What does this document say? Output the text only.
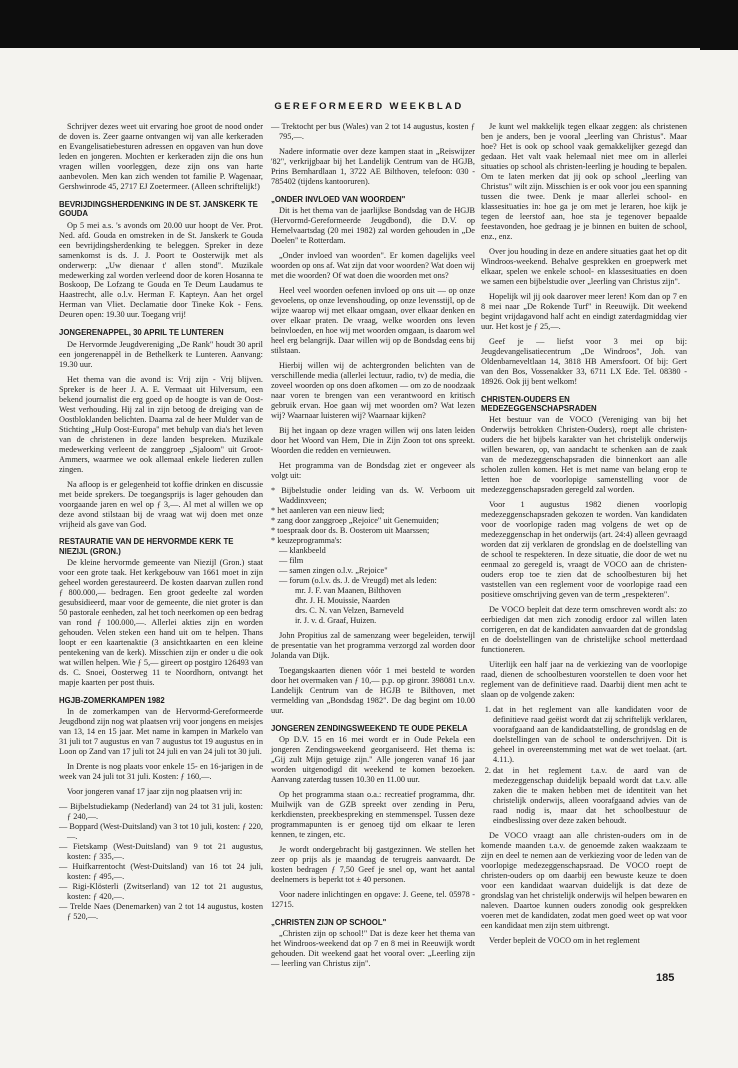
GEREFORMEERD WEEKBLAD

Schrijver dezes weet uit ervaring hoe groot de nood onder de doven is. Zeer gaarne ontvangen wij van alle kerkeraden en Evangelisatiebesturen adressen en opgaven van hun dove leden en jongeren. Mochten er kerkeraden zijn die ons hun vragen willen voorleggen, deze zijn ons van harte aanbevolen. Men kan zich wenden tot familie P. Wagenaar, Gershwinrode 45, 2717 EJ Zoetermeer. (Alleen schriftelijk!)

BEVRIJDINGSHERDENKING IN DE ST. JANSKERK TE GOUDA

Op 5 mei a.s. 's avonds om 20.00 uur hoopt de Ver. Prot. Ned. afd. Gouda en omstreken in de St. Janskerk te Gouda een bevrijdingsherdenking te beleggen. Spreker in deze samenkomst is ds. J. J. Poort te Oosterwijk met als onderwerp: „Uw dienaar t' allen stond". Muzikale medewerking zal worden verleend door de koren Hosanna te Boskoop, De Lofzang te Gouda en Te Deum Laudamus te Haastrecht, alle o.l.v. Herman F. Kapteyn. Aan het orgel Herman van Vliet. Declamatie door Tineke Kok - Fens. Deuren open: 19.30 uur. Toegang vrij!

JONGERENAPPEL, 30 APRIL TE LUNTEREN

De Hervormde Jeugdvereniging „De Rank" houdt 30 april een jongerenappèl in de Bethelkerk te Lunteren. Aanvang: 19.30 uur.

Het thema van die avond is: Vrij zijn - Vrij blijven. Spreker is de heer J. A. E. Vermaat uit Hilversum, een bekend journalist die erg goed op de hoogte is van de Oost-West verhouding. Hij zal in zijn betoog de dreiging van de Oostbloklanden belichten. Daarna zal de heer Mulder van de Stichting „Hulp Oost-Europa" met behulp van dia's het leven van de christenen in deze landen bespreken. Muzikale medewerking verleent de zanggroep „Sjaloom" uit Groot-Ammers, waarmee we ook allemaal enkele liederen zullen zingen.

Na afloop is er gelegenheid tot koffie drinken en discussie met beide sprekers. De toegangsprijs is lager gehouden dan voorgaande jaren en wel op ƒ 3,—. Al met al willen we op deze avond stilstaan bij de vraag wat wij doen met onze vrijheid als gave van God.

RESTAURATIE VAN DE HERVORMDE KERK TE NIEZIJL (GRON.)

De kleine hervormde gemeente van Niezijl (Gron.) staat voor een grote taak. Het kerkgebouw van 1661 moet in zijn geheel worden gerestaureerd. De kosten daarvan zullen rond ƒ 800.000,— bedragen. Een groot gedeelte zal worden gesubsidieerd, maar voor de gemeente, die niet groter is dan 50 pastorale eenheden, zal het toch neerkomen op een bedrag van rond ƒ 100.000,—. Allerlei akties zijn en worden gehouden. Velen steken een hand uit om te helpen. Thans loopt er een kaartenaktie (3 ansichtkaarten en een kleine pentekening van de kerk). Misschien zijn er onder u die ook wat willen helpen. Wie ƒ 5,— gireert op postgiro 126493 van ds. C. Snoei, Oosterweg 11 te Noordhorn, ontvangt het mapje kaarten per post thuis.

HGJB-ZOMERKAMPEN 1982

In de zomerkampen van de Hervormd-Gereformeerde Jeugdbond zijn nog wat plaatsen vrij voor jongens en meisjes van 13, 14 en 15 jaar. Met name in kampen in Markelo van 31 juli tot 7 augustus en van 7 augustus tot 19 augustus en in Loon op Zand van 17 juli tot 24 juli en van 24 juli tot 30 juli.

In Drente is nog plaats voor enkele 15- en 16-jarigen in de week van 24 juli tot 31 juli. Kosten: ƒ 160,—.

Voor jongeren vanaf 17 jaar zijn nog plaatsen vrij in:

— Bijbelstudiekamp (Nederland) van 24 tot 31 juli, kosten: ƒ 240,—.
— Boppard (West-Duitsland) van 3 tot 10 juli, kosten: ƒ 220,—.
— Fietskamp (West-Duitsland) van 9 tot 21 augustus, kosten: ƒ 335,—.
— Huifkarrentocht (West-Duitsland) van 16 tot 24 juli, kosten: ƒ 495,—.
— Rigi-Klösterli (Zwitserland) van 12 tot 21 augustus, kosten: ƒ 420,—.
— Trelde Naes (Denemarken) van 2 tot 14 augustus, kosten ƒ 520,—.
— Trektocht per bus (Wales) van 2 tot 14 augustus, kosten ƒ 795,—.

Nadere informatie over deze kampen staat in „Reiswijzer '82", verkrijgbaar bij het Landelijk Centrum van de HGJB, Prins Bernhardlaan 1, 3722 AE Bilthoven, telefoon: 030 - 785402 (tijdens kantooruren).

„ONDER INVLOED VAN WOORDEN"

Dit is het thema van de jaarlijkse Bondsdag van de HGJB (Hervormd-Gereformeerde Jeugdbond), die D.V. op Hemelvaartsdag (20 mei 1982) zal worden gehouden in „De Doelen" te Rotterdam.

„Onder invloed van woorden". Er komen dagelijks veel woorden op ons af. Wat zijn dat voor woorden? Wat doen wij met die woorden? Of wat doen die woorden met ons?

Heel veel woorden oefenen invloed op ons uit — op onze gevoelens, op onze levenshouding, op onze levensstijl, op de wijze waarop wij met elkaar omgaan, over elkaar denken en over elkaar praten. De vraag, welke woorden ons leven beïnvloeden, en hoe wij met woorden omgaan, is daarom wel heel erg belangrijk. Daar willen wij op de Bondsdag eens bij stilstaan.

Hierbij willen wij de achtergronden belichten van de verschillende media (allerlei lectuur, radio, tv) de media, die zoveel woorden op ons doen afkomen — om zo de noodzaak naar voren te brengen van een verantwoord en kritisch gebruik ervan. Hoe gaan wij met woorden om? Wat lezen wij? Waarnaar luisteren wij? Waarnaar kijken?

Bij het ingaan op deze vragen willen wij ons laten leiden door het Woord van Hem, Die in Zijn Zoon tot ons spreekt. Woorden die redden en vernieuwen.

Het programma van de Bondsdag ziet er ongeveer als volgt uit:

* Bijbelstudie onder leiding van ds. W. Verboom uit Waddinxveen;
* het aanleren van een nieuw lied;
* zang door zanggroep „Rejoice" uit Genemuiden;
* toespraak door ds. B. Oosterom uit Maarssen;
* keuzeprogramma's:
— klankbeeld
— film
— samen zingen o.l.v. „Rejoice"
— forum (o.l.v. ds. J. de Vreugd) met als leden:
mr. J. F. van Maanen, Bilthoven
dhr. J. H. Mouissie, Naarden
drs. C. N. van Velzen, Barneveld
ir. J. v. d. Graaf, Huizen.

John Propitius zal de samenzang weer begeleiden, terwijl de presentatie van het programma verzorgd zal worden door Jolanda van Dijk.

Toegangskaarten dienen vóór 1 mei besteld te worden door het overmaken van ƒ 10,— p.p. op gironr. 398081 t.n.v. Landelijk Centrum van de HGJB te Bilthoven, met vermelding van „Bondsdag 1982". De dag begint om 10.00 uur.

JONGEREN ZENDINGSWEEKEND TE OUDE PEKELA

Op D.V. 15 en 16 mei wordt er in Oude Pekela een jongeren Zendingsweekend georganiseerd. Het thema is: „Gij zult Mijn getuige zijn." Alle jongeren vanaf 16 jaar worden uitgenodigd dit weekend te komen bezoeken. Aanvang zaterdag tussen 10.30 en 11.00 uur.

Op het programma staan o.a.: recreatief programma, dhr. Muilwijk van de GZB spreekt over zending in Peru, kerkdiensten, preekbespreking en stemmenspel. Tussen deze programmapunten is er genoeg tijd om elkaar te leren kennen, te zingen, etc.

Je wordt ondergebracht bij gastgezinnen. We stellen het zeer op prijs als je maandag de terugreis aanvaardt. De kosten bedragen ƒ 7,50 Geef je snel op, want het aantal deelnemers is beperkt tot ± 40 personen.

Voor nadere inlichtingen en opgave: J. Geene, tel. 05978 - 12715.

„CHRISTEN ZIJN OP SCHOOL"

„Christen zijn op school!" Dat is deze keer het thema van het Windroos-weekend dat op 7 en 8 mei in Reeuwijk wordt gehouden. Dit weekend gaat het vooral over: „Leerling zijn — leerling van Christus zijn".

Je kunt wel makkelijk tegen elkaar zeggen: als christenen ben je anders, ben je vooral „leerling van Christus". Maar hoe? Het is ook op school vaak gemakkelijker gezegd dan gedaan. Het valt vaak helemaal niet mee om in allerlei situaties op school als christen-leerling je houding te bepalen. Om te laten merken dat jij ook op school „leerling van Christus" wilt zijn. Misschien is er ook voor jou een spanning tussen die twee. Denk je maar allerlei school- en klassesituaties in: hoe ga je om met je leraren, hoe kijk je tegen de leerstof aan, hoe sta je tegenover bepaalde feestavonden, hoe gedraag je je binnen en buiten de school, enz., enz.

Over jou houding in deze en andere situaties gaat het op dit Windroos-weekend. Behalve gesprekken en groepwerk met elkaar, spelen we enkele school- en klassesituaties en doen we samen een bijbelstudie over „leerling van Christus zijn".

Hopelijk wil jij ook daarover meer leren! Kom dan op 7 en 8 mei naar „De Rokende Turf" in Reeuwijk. Dit weekend begint vrijdagavond half acht en eindigt zaterdagmiddag vier uur. Het kost je ƒ 25,—.

Geef je — liefst voor 3 mei op bij: Jeugdevangelisatiecentrum „De Windroos", Joh. van Oldenbarneveltlaan 14, 3818 HB Amersfoort. Of bij: Gert van den Bos, Vossenakker 33, 6711 LX Ede. Tel. 08380 - 18926. Ook jij bent welkom!

CHRISTEN-OUDERS EN MEDEZEGGENSCHAPSRADEN

Het bestuur van de VOCO (Vereniging van bij het Onderwijs betrokken Christen-Ouders), roept alle christen-ouders die het bijbels karakter van het christelijk onderwijs willen bewaren, op, van aandacht te schenken aan de zaak van de medezeggenschapsraden die binnenkort aan alle scholen zullen komen. Het is met name van belang erop te letten hoe de voorlopige samenstelling voor de medezeggenschapsraden geregeld zal worden.

Voor 1 augustus 1982 dienen voorlopig medezeggenschapsraden gekozen te worden. Van kandidaten voor de voorlopige raden mag volgens de wet op de medezeggenschap in het onderwijs (art. 24:4) alleen gevraagd worden dat zij verklaren de grondslag en de doelstelling van de school te respekteren. In deze situatie, die door de wet nu eenmaal zo geregeld is, vraagt de VOCO aan de christen-ouders erop toe te zien dat de schoolbesturen bij het vaststellen van een reglement voor de voorlopige raad een positieve omschrijving geven van de term „respekteren".

De VOCO bepleit dat deze term omschreven wordt als: zo eerbiedigen dat men zich zonodig erdoor zal willen laten corrigeren, en dat de kandidaten aanvaarden dat de grondslag en de doelstellingen van de christelijke school metterdaad functioneren.

Uiterlijk een half jaar na de verkiezing van de voorlopige raad, dienen de schoolbesturen voorstellen te doen voor het reglement van de definitieve raad. Daarbij dient men acht te slaan op de volgende zaken:

1. dat in het reglement van alle kandidaten voor de definitieve raad geëist wordt dat zij schriftelijk verklaren, voorafgaand aan de kandidaatstelling, de grondslag en de doelstellingen van de school te onderschrijven. Dit is geheel in overeenstemming met wat de wet toelaat. (art. 4.11.).
2. dat in het reglement t.a.v. de aard van de medezeggenschap duidelijk bepaald wordt dat t.a.v. alle zaken die te maken hebben met de identiteit van het christelijk onderwijs, alleen voorafgaand advies van de raad nodig is, maar dat het schoolbestuur de eindbeslissing over deze zaken behoudt.

De VOCO vraagt aan alle christen-ouders om in de komende maanden t.a.v. de genoemde zaken waakzaam te zijn en deel te nemen aan de verkiezing voor de leden van de voorlopige medezeggenschapsraad. De VOCO roept de christen-ouders op om daarbij een bewuste keuze te doen voor een kandidaat waarvan duidelijk is dat deze de grondslag van het christelijk onderwijs wil helpen bewaren en naleven. Daartoe kunnen ouders zonodig ook gesprekken voeren met de kandidaten, zodat men goed weet op wat voor een kandidaat men zijn stem uitbrengt.

Verder bepleit de VOCO om in het reglement

185
